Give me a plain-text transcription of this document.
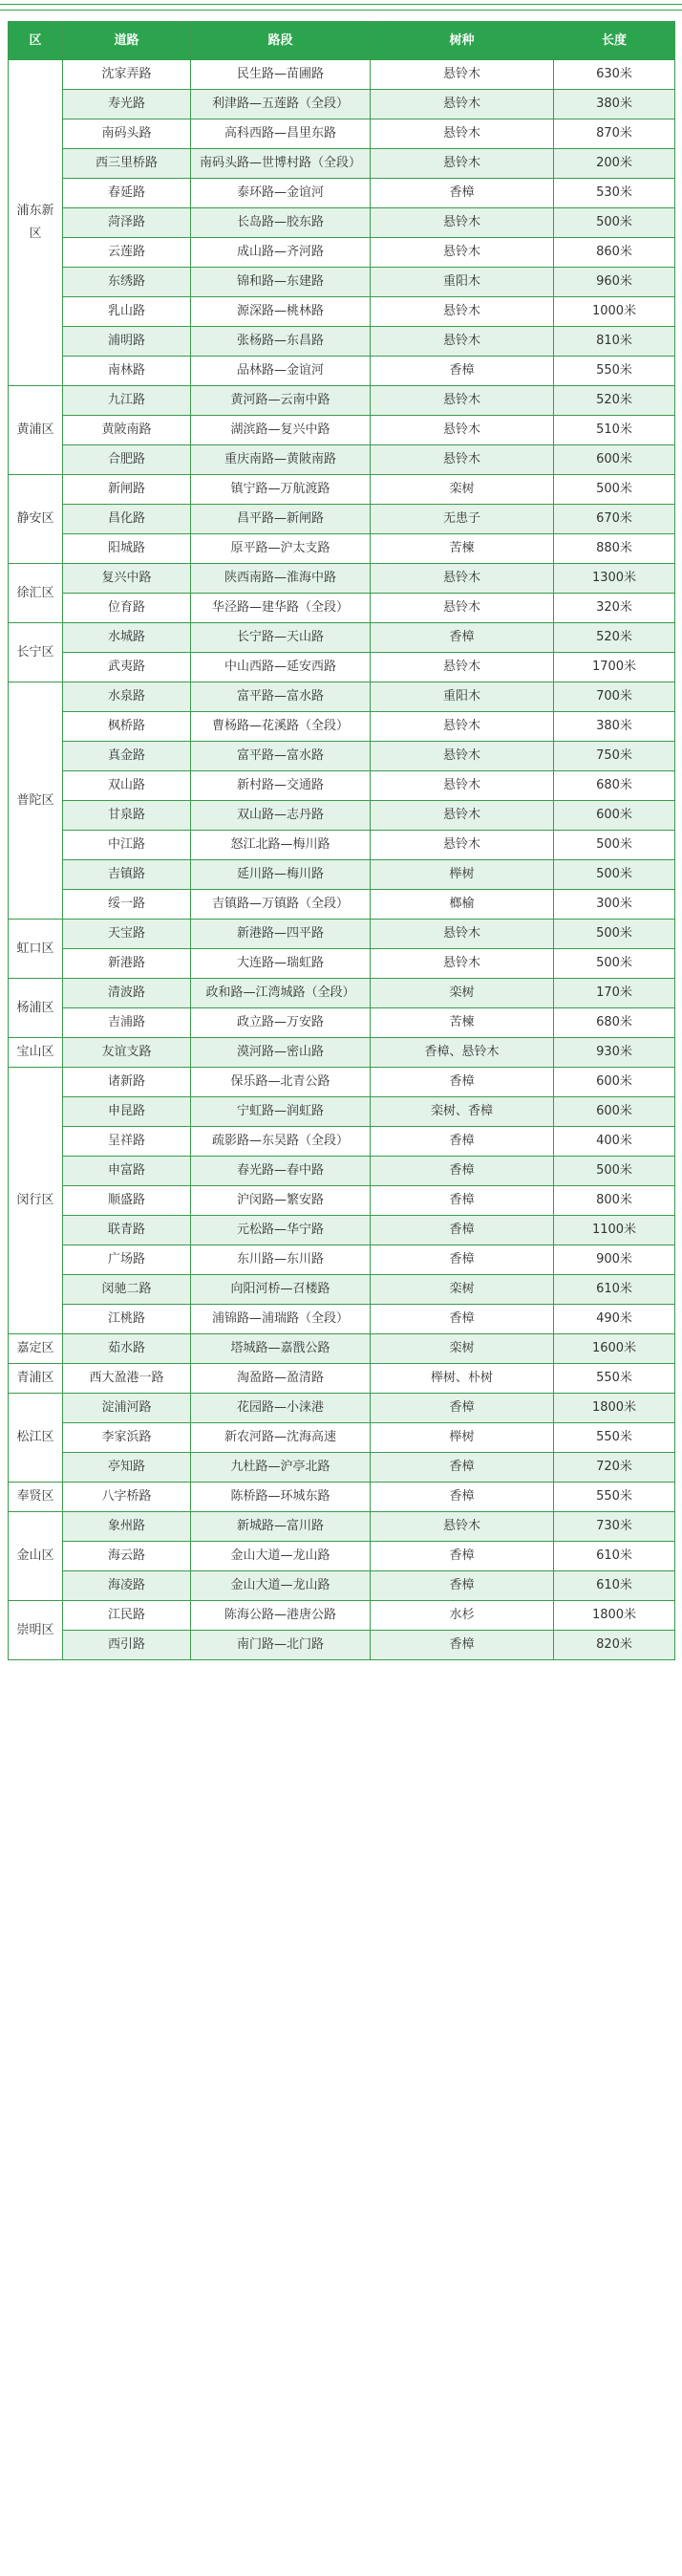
区	道路	路段	树种	长度
浦东新区	沈家弄路	民生路—苗圃路	悬铃木	630米
	寿光路	利津路—五莲路（全段）	悬铃木	380米
	南码头路	高科西路—昌里东路	悬铃木	870米
	西三里桥路	南码头路—世博村路（全段）	悬铃木	200米
	春延路	泰环路—金谊河	香樟	530米
	菏泽路	长岛路—胶东路	悬铃木	500米
	云莲路	成山路—齐河路	悬铃木	860米
	东绣路	锦和路—东建路	重阳木	960米
	乳山路	源深路—桃林路	悬铃木	1000米
	浦明路	张杨路—东昌路	悬铃木	810米
	南林路	品林路—金谊河	香樟	550米
黄浦区	九江路	黄河路—云南中路	悬铃木	520米
	黄陂南路	湖滨路—复兴中路	悬铃木	510米
	合肥路	重庆南路—黄陂南路	悬铃木	600米
静安区	新闸路	镇宁路—万航渡路	栾树	500米
	昌化路	昌平路—新闸路	无患子	670米
	阳城路	原平路—沪太支路	苦楝	880米
徐汇区	复兴中路	陕西南路—淮海中路	悬铃木	1300米
	位育路	华泾路—建华路（全段）	悬铃木	320米
长宁区	水城路	长宁路—天山路	香樟	520米
	武夷路	中山西路—延安西路	悬铃木	1700米
普陀区	水泉路	富平路—富水路	重阳木	700米
	枫桥路	曹杨路—花溪路（全段）	悬铃木	380米
	真金路	富平路—富水路	悬铃木	750米
	双山路	新村路—交通路	悬铃木	680米
	甘泉路	双山路—志丹路	悬铃木	600米
	中江路	怒江北路—梅川路	悬铃木	500米
	吉镇路	延川路—梅川路	榉树	500米
	绥一路	吉镇路—万镇路（全段）	榔榆	300米
虹口区	天宝路	新港路—四平路	悬铃木	500米
	新港路	大连路—瑞虹路	悬铃木	500米
杨浦区	清波路	政和路—江湾城路（全段）	栾树	170米
	吉浦路	政立路—万安路	苦楝	680米
宝山区	友谊支路	漠河路—密山路	香樟、悬铃木	930米
闵行区	诸新路	保乐路—北青公路	香樟	600米
	申昆路	宁虹路—润虹路	栾树、香樟	600米
	呈祥路	疏影路—东吴路（全段）	香樟	400米
	申富路	春光路—春中路	香樟	500米
	顺盛路	沪闵路—繁安路	香樟	800米
	联青路	元松路—华宁路	香樟	1100米
	广场路	东川路—东川路	香樟	900米
	闵驰二路	向阳河桥—召楼路	栾树	610米
	江桃路	浦锦路—浦瑞路（全段）	香樟	490米
嘉定区	茹水路	塔城路—嘉戬公路	栾树	1600米
青浦区	西大盈港一路	淘盈路—盈清路	榉树、朴树	550米
松江区	淀浦河路	花园路—小涞港	香樟	1800米
	李家浜路	新农河路—沈海高速	榉树	550米
	亭知路	九杜路—沪亭北路	香樟	720米
奉贤区	八字桥路	陈桥路—环城东路	香樟	550米
金山区	象州路	新城路—富川路	悬铃木	730米
	海云路	金山大道—龙山路	香樟	610米
	海凌路	金山大道—龙山路	香樟	610米
崇明区	江民路	陈海公路—港唐公路	水杉	1800米
	西引路	南门路—北门路	香樟	820米
